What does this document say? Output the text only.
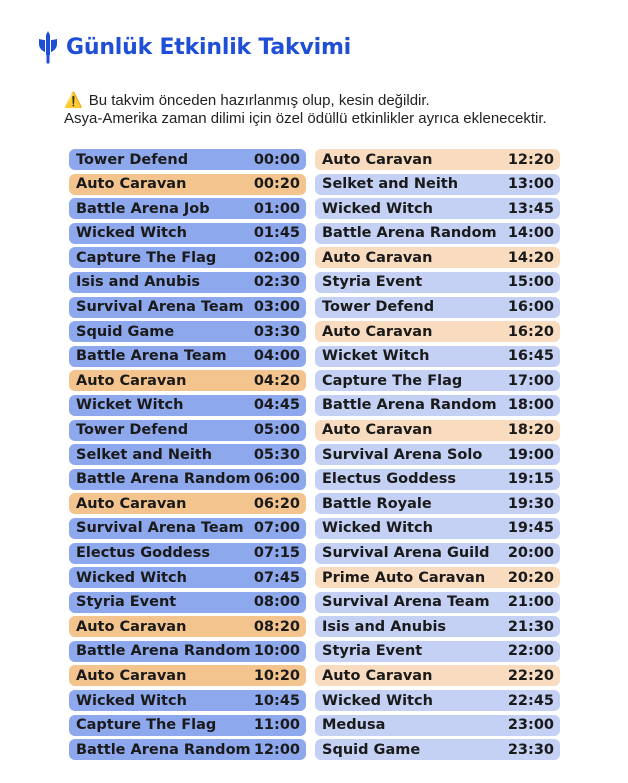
Günlük Etkinlik Takvimi
⚠️ Bu takvim önceden hazırlanmış olup, kesin değildir.
Asya-Amerika zaman dilimi için özel ödüllü etkinlikler ayrıca eklenecektir.
Tower Defend	00:00
Auto Caravan	00:20
Battle Arena Job	01:00
Wicked Witch	01:45
Capture The Flag	02:00
Isis and Anubis	02:30
Survival Arena Team 03:00
Squid Game	03:30
Battle Arena Team 04:00
Auto Caravan	04:20
Wicket Witch	04:45
Tower Defend	05:00
Selket and Neith	05:30
Battle Arena Random 06:00
Auto Caravan	06:20
Survival Arena Team 07:00
Electus Goddess	07:15
Wicked Witch	07:45
Styria Event	08:00
Auto Caravan	08:20
Battle Arena Random 10:00
Auto Caravan	10:20
Wicked Witch	10:45
Capture The Flag	11:00
Battle Arena Random 12:00
Auto Caravan	12:20
Selket and Neith	13:00
Wicked Witch	13:45
Battle Arena Random 14:00
Auto Caravan	14:20
Styria Event	15:00
Tower Defend	16:00
Auto Caravan	16:20
Wicket Witch	16:45
Capture The Flag	17:00
Battle Arena Random 18:00
Auto Caravan	18:20
Survival Arena Solo 19:00
Electus Goddess	19:15
Battle Royale	19:30
Wicked Witch	19:45
Survival Arena Guild 20:00
Prime Auto Caravan 20:20
Survival Arena Team 21:00
Isis and Anubis	21:30
Styria Event	22:00
Auto Caravan	22:20
Wicked Witch	22:45
Medusa	23:00
Squid Game	23:30
